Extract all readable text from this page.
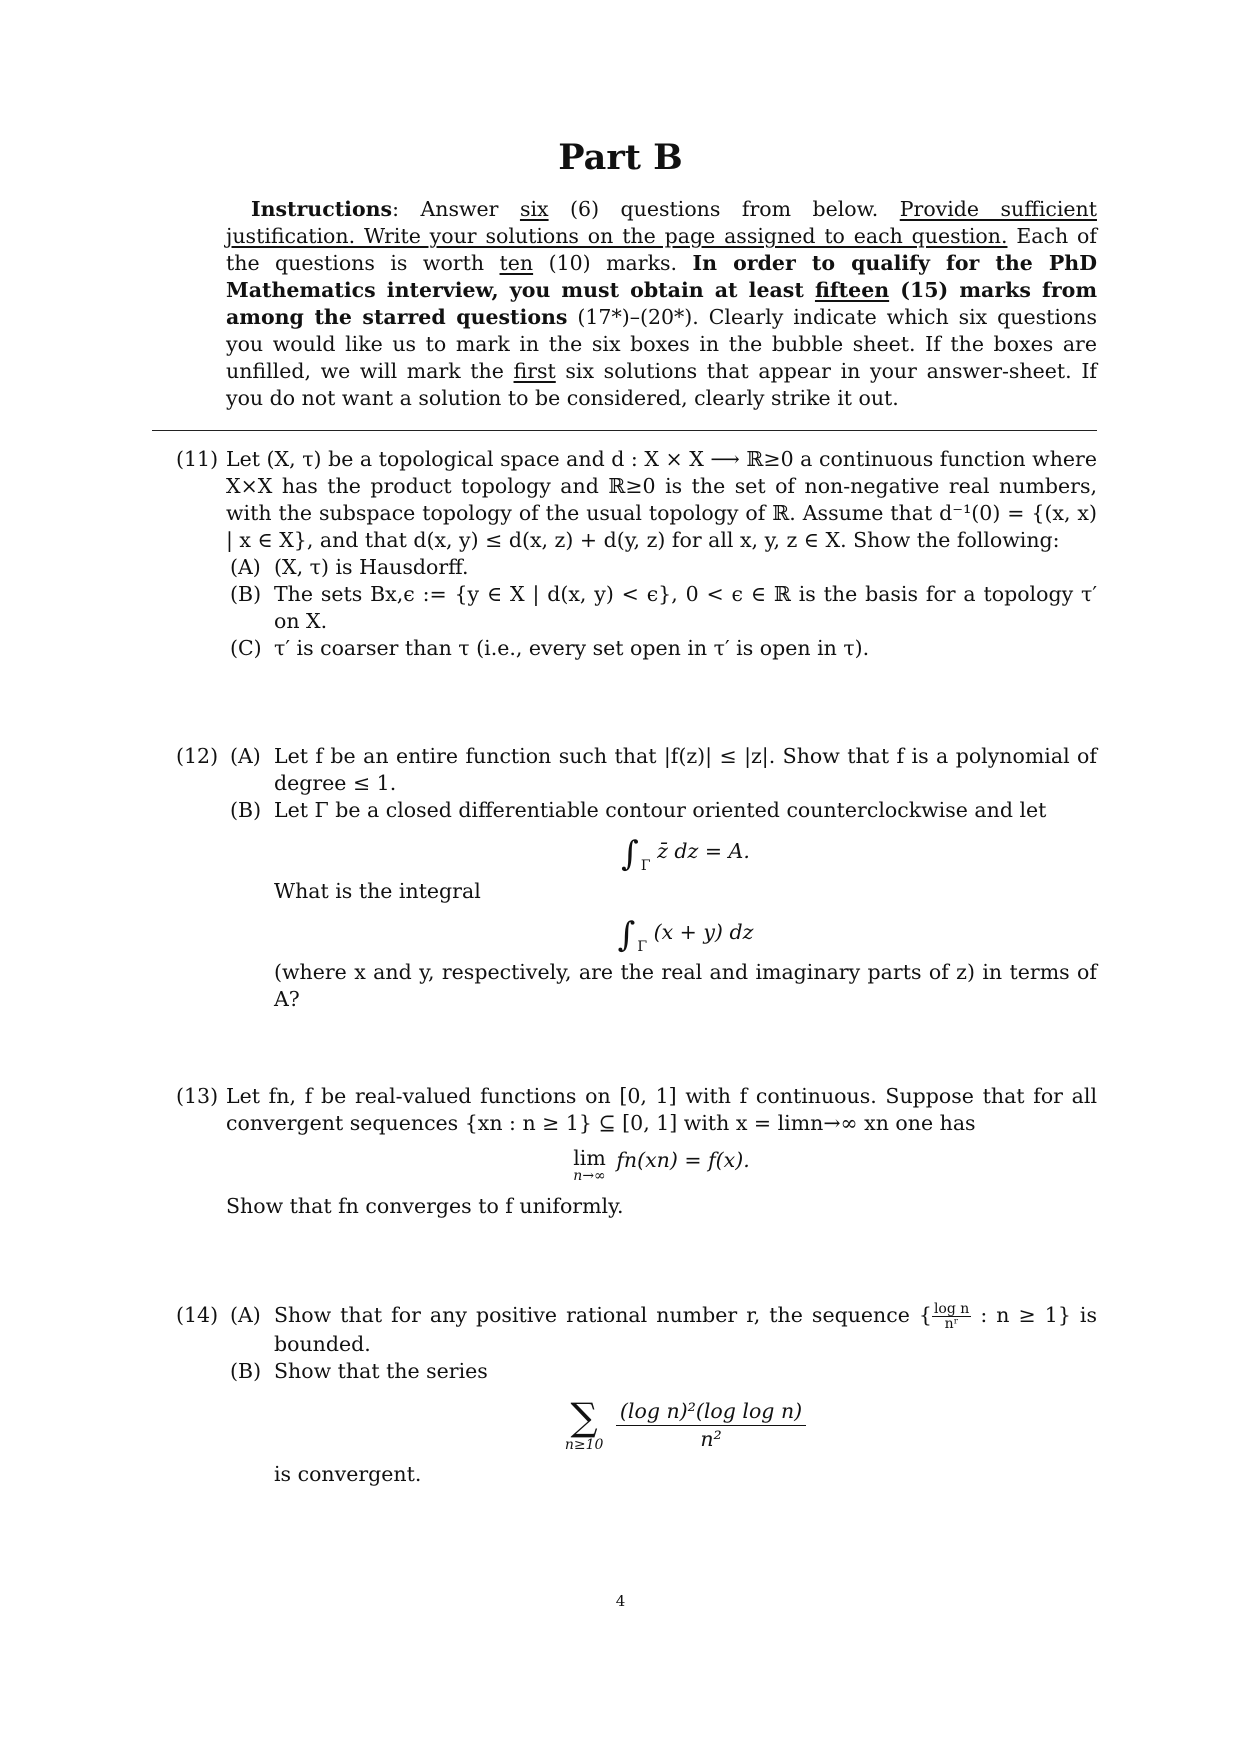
Part B

Instructions: Answer six (6) questions from below. Provide sufficient justification. Write your solutions on the page assigned to each question. Each of the questions is worth ten (10) marks. In order to qualify for the PhD Mathematics interview, you must obtain at least fifteen (15) marks from among the starred questions (17*)–(20*). Clearly indicate which six questions you would like us to mark in the six boxes in the bubble sheet. If the boxes are unfilled, we will mark the first six solutions that appear in your answer-sheet. If you do not want a solution to be considered, clearly strike it out.

(11) Let (X, τ) be a topological space and d : X × X ⟶ ℝ≥0 a continuous function where X×X has the product topology and ℝ≥0 is the set of non-negative real numbers, with the subspace topology of the usual topology of ℝ. Assume that d⁻¹(0) = {(x, x) | x ∈ X}, and that d(x, y) ≤ d(x, z) + d(y, z) for all x, y, z ∈ X. Show the following:

(A) (X, τ) is Hausdorff.
(B) The sets Bx,ϵ := {y ∈ X | d(x, y) < ϵ}, 0 < ϵ ∈ ℝ is the basis for a topology τ′ on X.
(C) τ′ is coarser than τ (i.e., every set open in τ′ is open in τ).
(12) (A) Let f be an entire function such that |f(z)| ≤ |z|. Show that f is a polynomial of degree ≤ 1.
(B) Let Γ be a closed differentiable contour oriented counterclockwise and let
∫ $_\Gamma$ z̄ dz = A.

What is the integral

∫ $_\Gamma$ (x + y) dz

(where x and y, respectively, are the real and imaginary parts of z) in terms of A?

(13) Let fn, f be real-valued functions on [0, 1] with f continuous. Suppose that for all convergent sequences {xn : n ≥ 1} ⊆ [0, 1] with x = limn→∞ xn one has

lim
n→∞
fn(xn) = f(x).

Show that fn converges to f uniformly.

(14) (A) Show that for any positive rational number r, the sequence { $\frac{\text{log n}}{\text{nʳ}}$ : n ≥ 1} is bounded.
(B) Show that the series
∑
n≥10
$\frac{\text{(log n)²(log log n)}}{\text{n²}}$

is convergent.

4
